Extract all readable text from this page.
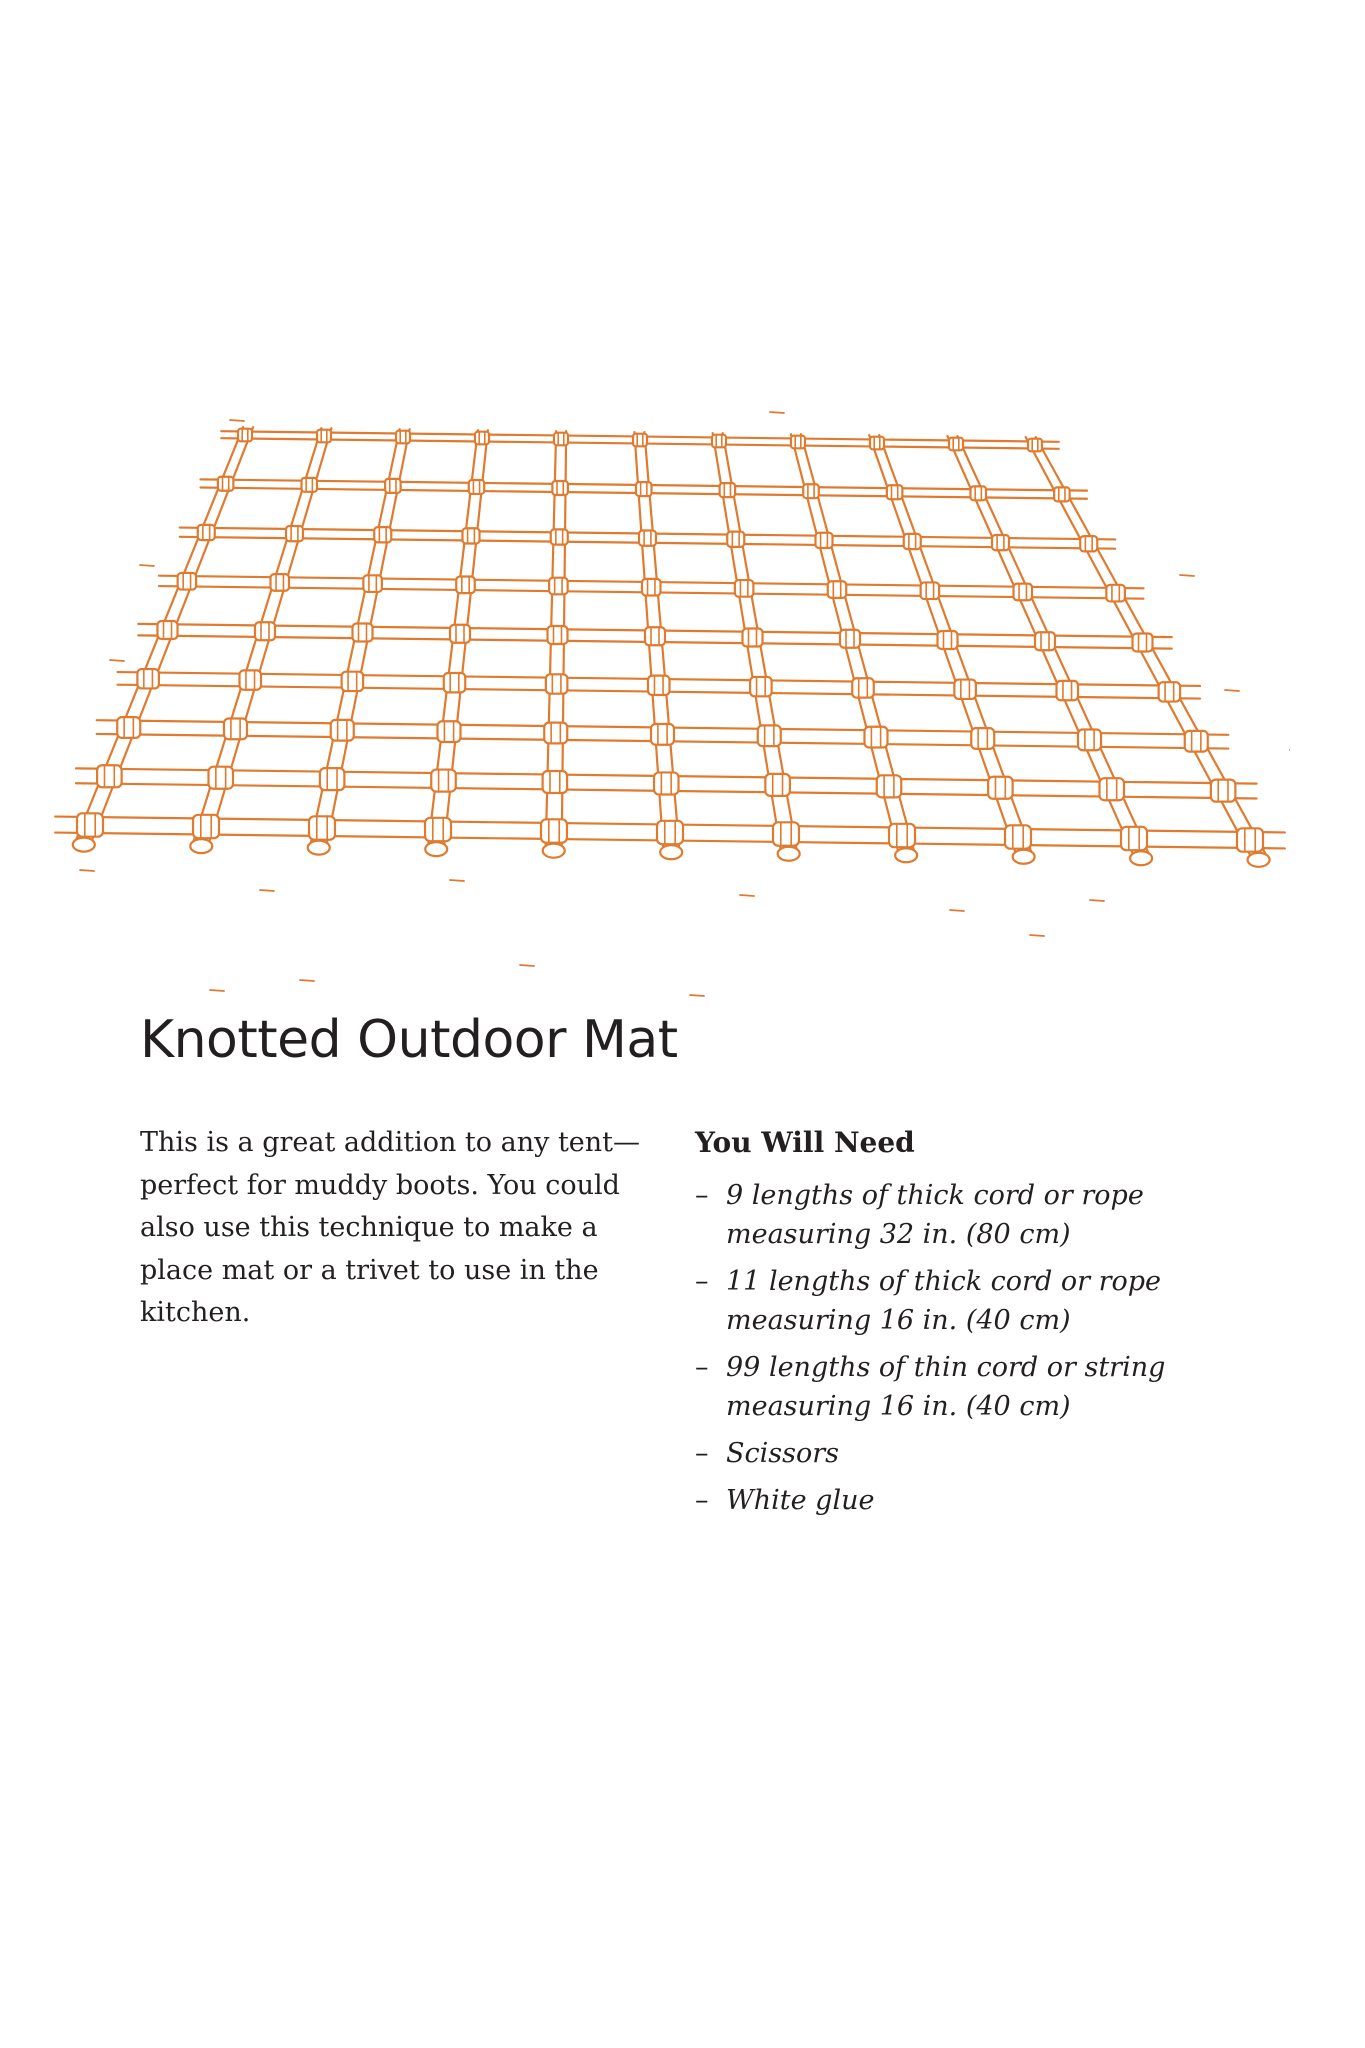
Knotted Outdoor Mat

This is a great addition to any tent—perfect for muddy boots. You could also use this technique to make a place mat or a trivet to use in the kitchen.

You Will Need
– 9 lengths of thick cord or rope measuring 32 in. (80 cm)
– 11 lengths of thick cord or rope measuring 16 in. (40 cm)
– 99 lengths of thin cord or string measuring 16 in. (40 cm)
– Scissors
– White glue
